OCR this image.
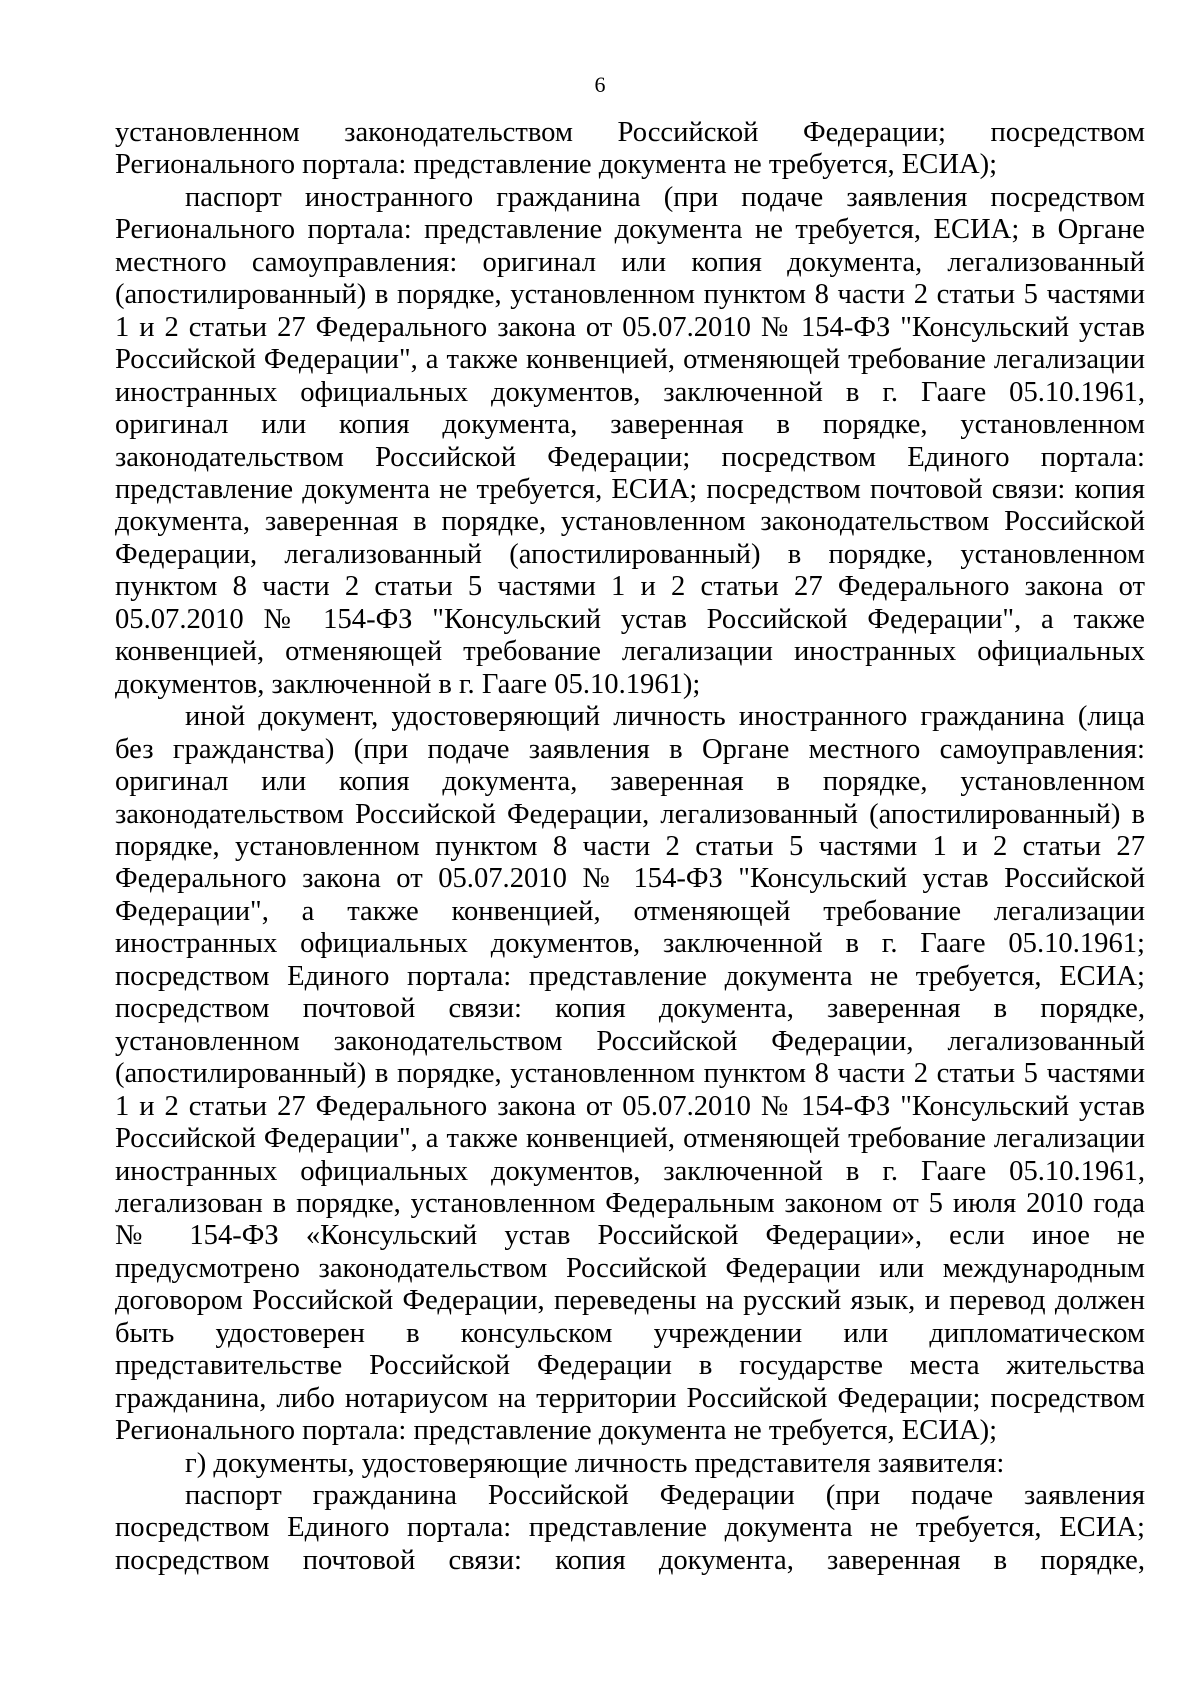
6

установленном законодательством Российской Федерации; посредством Регионального портала: представление документа не требуется, ЕСИА);

паспорт иностранного гражданина (при подаче заявления посредством Регионального портала: представление документа не требуется, ЕСИА; в Органе местного самоуправления: оригинал или копия документа, легализованный (апостилированный) в порядке, установленном пунктом 8 части 2 статьи 5 частями 1 и 2 статьи 27 Федерального закона от 05.07.2010 № 154-ФЗ "Консульский устав Российской Федерации", а также конвенцией, отменяющей требование легализации иностранных официальных документов, заключенной в г. Гааге 05.10.1961, оригинал или копия документа, заверенная в порядке, установленном законодательством Российской Федерации; посредством Единого портала: представление документа не требуется, ЕСИА; посредством почтовой связи: копия документа, заверенная в порядке, установленном законодательством Российской Федерации, легализованный (апостилированный) в порядке, установленном пунктом 8 части 2 статьи 5 частями 1 и 2 статьи 27 Федерального закона от 05.07.2010 № 154-ФЗ "Консульский устав Российской Федерации", а также конвенцией, отменяющей требование легализации иностранных официальных документов, заключенной в г. Гааге 05.10.1961);

иной документ, удостоверяющий личность иностранного гражданина (лица без гражданства) (при подаче заявления в Органе местного самоуправления: оригинал или копия документа, заверенная в порядке, установленном законодательством Российской Федерации, легализованный (апостилированный) в порядке, установленном пунктом 8 части 2 статьи 5 частями 1 и 2 статьи 27 Федерального закона от 05.07.2010 № 154-ФЗ "Консульский устав Российской Федерации", а также конвенцией, отменяющей требование легализации иностранных официальных документов, заключенной в г. Гааге 05.10.1961; посредством Единого портала: представление документа не требуется, ЕСИА; посредством почтовой связи: копия документа, заверенная в порядке, установленном законодательством Российской Федерации, легализованный (апостилированный) в порядке, установленном пунктом 8 части 2 статьи 5 частями 1 и 2 статьи 27 Федерального закона от 05.07.2010 № 154-ФЗ "Консульский устав Российской Федерации", а также конвенцией, отменяющей требование легализации иностранных официальных документов, заключенной в г. Гааге 05.10.1961, легализован в порядке, установленном Федеральным законом от 5 июля 2010 года № 154-ФЗ «Консульский устав Российской Федерации», если иное не предусмотрено законодательством Российской Федерации или международным договором Российской Федерации, переведены на русский язык, и перевод должен быть удостоверен в консульском учреждении или дипломатическом представительстве Российской Федерации в государстве места жительства гражданина, либо нотариусом на территории Российской Федерации; посредством Регионального портала: представление документа не требуется, ЕСИА);

г) документы, удостоверяющие личность представителя заявителя:

паспорт гражданина Российской Федерации (при подаче заявления посредством Единого портала: представление документа не требуется, ЕСИА; посредством почтовой связи: копия документа, заверенная в порядке,
